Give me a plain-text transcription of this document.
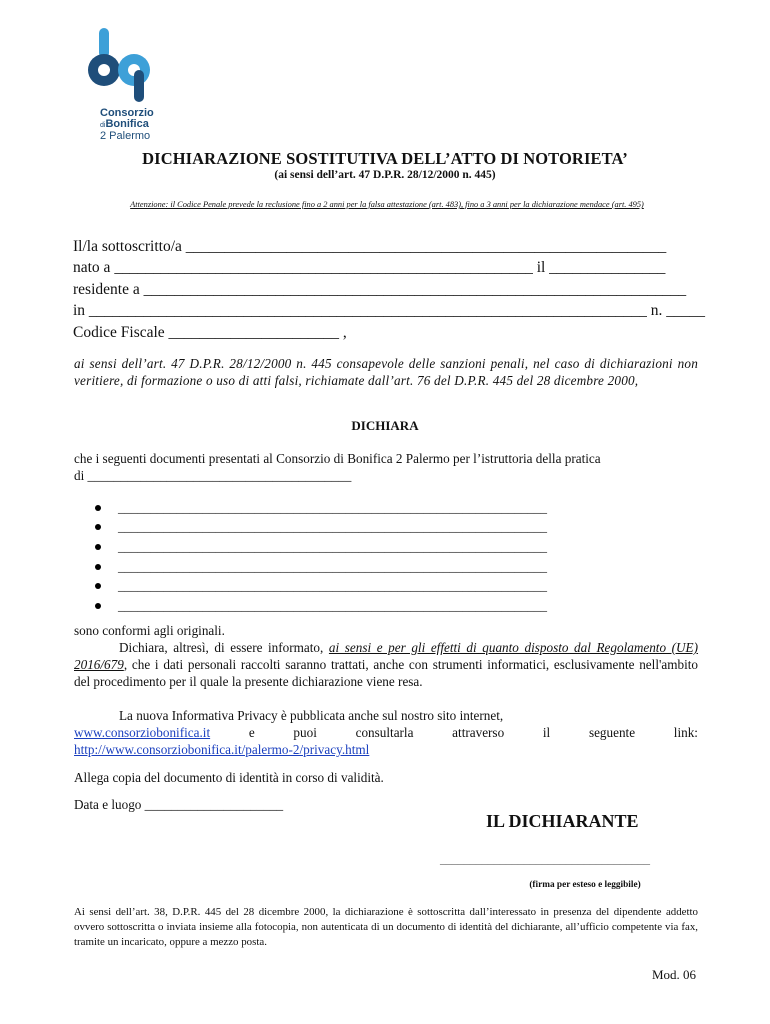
Consorzio
diBonifica
2 Palermo
DICHIARAZIONE SOSTITUTIVA DELL’ATTO DI NOTORIETA’
(ai sensi dell’art. 47 D.P.R. 28/12/2000 n. 445)
Attenzione: il Codice Penale prevede la reclusione fino a 2 anni per la falsa attestazione (art. 483), fino a 3 anni per la dichiarazione mendace (art. 495)
Il/la sottoscritto/a ______________________________________________________________
nato a ______________________________________________________ il _______________
residente a ______________________________________________________________________
in ________________________________________________________________________ n. _____
Codice Fiscale ______________________ ,
ai sensi dell’art. 47 D.P.R. 28/12/2000 n. 445 consapevole delle sanzioni penali, nel caso di dichiarazioni non veritiere, di formazione o uso di atti falsi, richiamate dall’art. 76 del D.P.R. 445 del 28 dicembre 2000,
DICHIARA
che i seguenti documenti presentati al Consorzio di Bonifica 2 Palermo per l’istruttoria della pratica
di ________________________________________
__________________________________________________________________
__________________________________________________________________
__________________________________________________________________
__________________________________________________________________
__________________________________________________________________
__________________________________________________________________
sono conformi agli originali.
Dichiara, altresì, di essere informato, ai sensi e per gli effetti di quanto disposto dal Regolamento (UE) 2016/679, che i dati personali raccolti saranno trattati, anche con strumenti informatici, esclusivamente nell'ambito del procedimento per il quale la presente dichiarazione viene resa.
La nuova Informativa Privacy è pubblicata anche sul nostro sito internet,
www.consorziobonifica.it	e	puoi	consultarla	attraverso	il	seguente	link:
http://www.consorziobonifica.it/palermo-2/privacy.html
Allega copia del documento di identità in corso di validità.
Data e luogo _____________________
IL DICHIARANTE
___________________________________
(firma per esteso e leggibile)
Ai sensi dell’art. 38, D.P.R. 445 del 28 dicembre 2000, la dichiarazione è sottoscritta dall’interessato in presenza del dipendente addetto ovvero sottoscritta o inviata insieme alla fotocopia, non autenticata di un documento di identità del dichiarante, all’ufficio competente via fax, tramite un incaricato, oppure a mezzo posta.
Mod. 06
